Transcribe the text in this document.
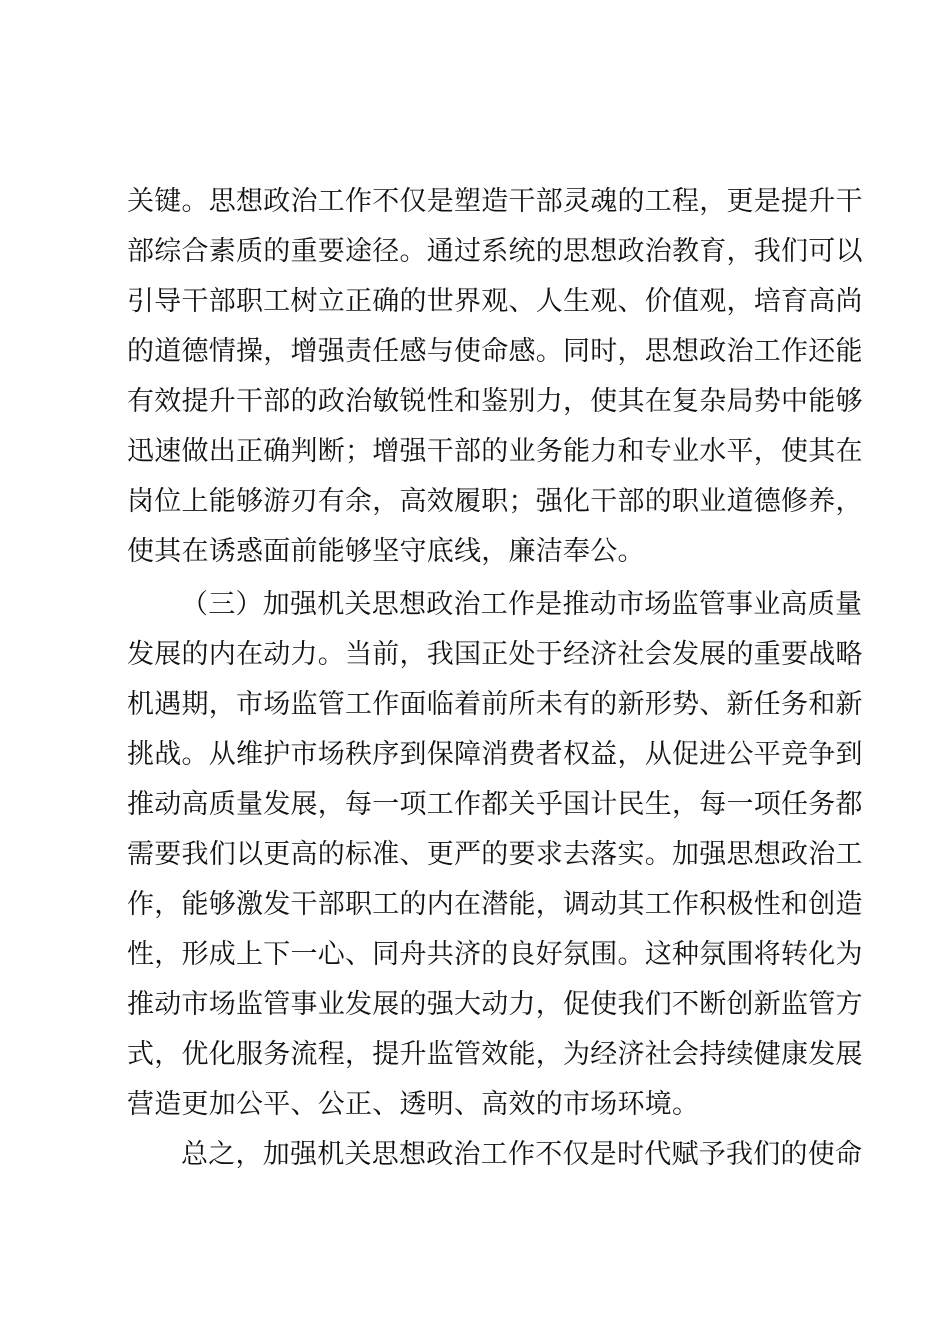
关键。思想政治工作不仅是塑造干部灵魂的工程，更是提升干
部综合素质的重要途径。通过系统的思想政治教育，我们可以
引导干部职工树立正确的世界观、人生观、价值观，培育高尚
的道德情操，增强责任感与使命感。同时，思想政治工作还能
有效提升干部的政治敏锐性和鉴别力，使其在复杂局势中能够
迅速做出正确判断；增强干部的业务能力和专业水平，使其在
岗位上能够游刃有余，高效履职；强化干部的职业道德修养，
使其在诱惑面前能够坚守底线，廉洁奉公。
（三）加强机关思想政治工作是推动市场监管事业高质量
发展的内在动力。当前，我国正处于经济社会发展的重要战略
机遇期，市场监管工作面临着前所未有的新形势、新任务和新
挑战。从维护市场秩序到保障消费者权益，从促进公平竞争到
推动高质量发展，每一项工作都关乎国计民生，每一项任务都
需要我们以更高的标准、更严的要求去落实。加强思想政治工
作，能够激发干部职工的内在潜能，调动其工作积极性和创造
性，形成上下一心、同舟共济的良好氛围。这种氛围将转化为
推动市场监管事业发展的强大动力，促使我们不断创新监管方
式，优化服务流程，提升监管效能，为经济社会持续健康发展
营造更加公平、公正、透明、高效的市场环境。
总之，加强机关思想政治工作不仅是时代赋予我们的使命
